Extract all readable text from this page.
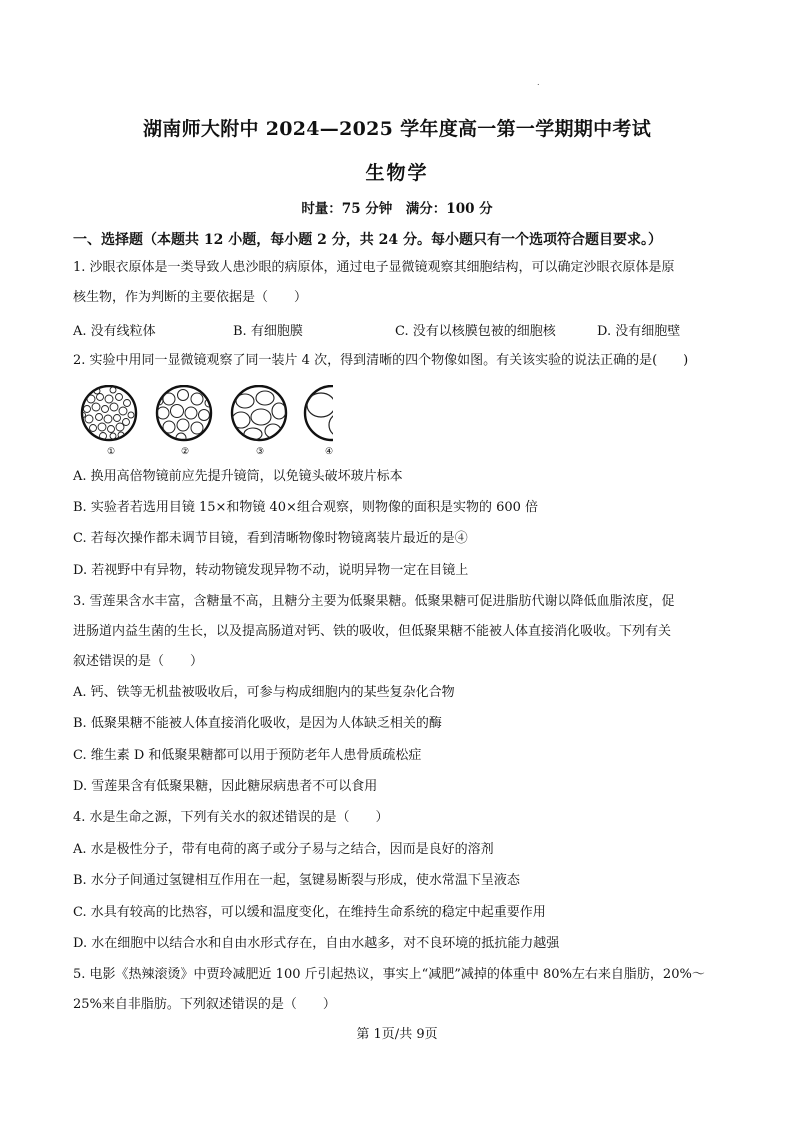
.
湖南师大附中 2024—2025 学年度高一第一学期期中考试
生物学
时量：75 分钟　满分：100 分
一、选择题（本题共 12 小题，每小题 2 分，共 24 分。每小题只有一个选项符合题目要求。）
1. 沙眼衣原体是一类导致人患沙眼的病原体，通过电子显微镜观察其细胞结构，可以确定沙眼衣原体是原
核生物，作为判断的主要依据是（　　）
A. 没有线粒体	B. 有细胞膜	C. 没有以核膜包被的细胞核	D. 没有细胞壁
2. 实验中用同一显微镜观察了同一装片 4 次，得到清晰的四个物像如图。有关该实验的说法正确的是(　　)
①	②	③	④
A. 换用高倍物镜前应先提升镜筒，以免镜头破坏玻片标本
B. 实验者若选用目镜 15×和物镜 40×组合观察，则物像的面积是实物的 600 倍
C. 若每次操作都未调节目镜，看到清晰物像时物镜离装片最近的是④
D. 若视野中有异物，转动物镜发现异物不动，说明异物一定在目镜上
3. 雪莲果含水丰富，含糖量不高，且糖分主要为低聚果糖。低聚果糖可促进脂肪代谢以降低血脂浓度，促
进肠道内益生菌的生长，以及提高肠道对钙、铁的吸收，但低聚果糖不能被人体直接消化吸收。下列有关
叙述错误的是（　　）
A. 钙、铁等无机盐被吸收后，可参与构成细胞内的某些复杂化合物
B. 低聚果糖不能被人体直接消化吸收，是因为人体缺乏相关的酶
C. 维生素 D 和低聚果糖都可以用于预防老年人患骨质疏松症
D. 雪莲果含有低聚果糖，因此糖尿病患者不可以食用
4. 水是生命之源，下列有关水的叙述错误的是（　　）
A. 水是极性分子，带有电荷的离子或分子易与之结合，因而是良好的溶剂
B. 水分子间通过氢键相互作用在一起，氢键易断裂与形成，使水常温下呈液态
C. 水具有较高的比热容，可以缓和温度变化，在维持生命系统的稳定中起重要作用
D. 水在细胞中以结合水和自由水形式存在，自由水越多，对不良环境的抵抗能力越强
5. 电影《热辣滚烫》中贾玲减肥近 100 斤引起热议，事实上“减肥”减掉的体重中 80%左右来自脂肪，20%～
25%来自非脂肪。下列叙述错误的是（　　）
第 1页/共 9页
